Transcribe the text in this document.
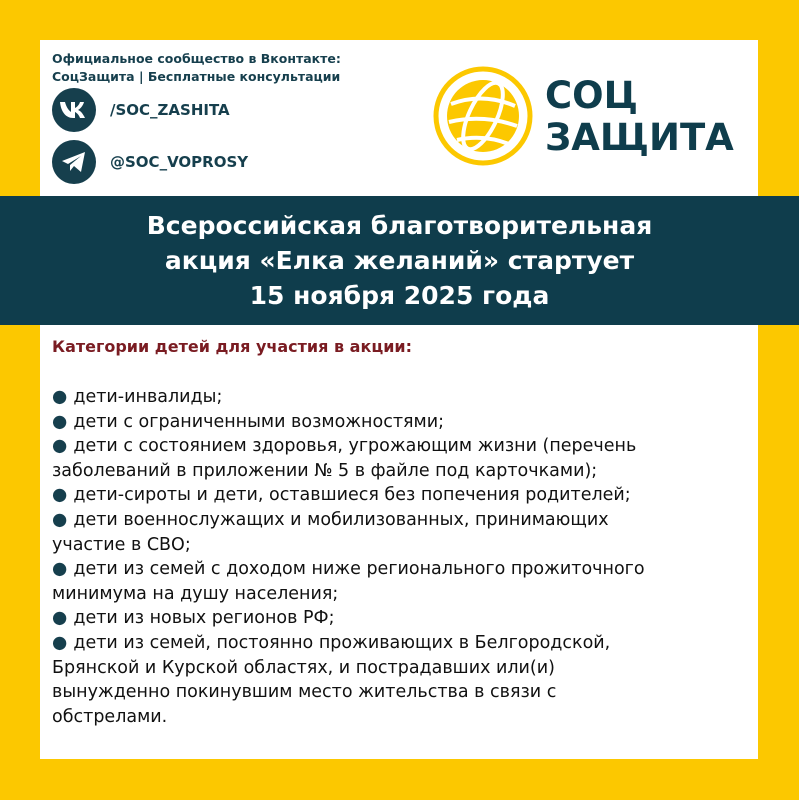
Официальное сообщество в Вконтакте:
СоцЗащита | Бесплатные консультации
/SOC_ZASHITA
@SOC_VOPROSY
СОЦ
ЗАЩИТА
Всероссийская благотворительная
акция «Елка желаний» стартует
15 ноября 2025 года
Категории детей для участия в акции:
● дети-инвалиды;
● дети с ограниченными возможностями;
● дети с состоянием здоровья, угрожающим жизни (перечень
заболеваний в приложении № 5 в файле под карточками);
● дети-сироты и дети, оставшиеся без попечения родителей;
● дети военнослужащих и мобилизованных, принимающих
участие в СВО;
● дети из семей с доходом ниже регионального прожиточного
минимума на душу населения;
● дети из новых регионов РФ;
● дети из семей, постоянно проживающих в Белгородской,
Брянской и Курской областях, и пострадавших или(и)
вынужденно покинувшим место жительства в связи с
обстрелами.
